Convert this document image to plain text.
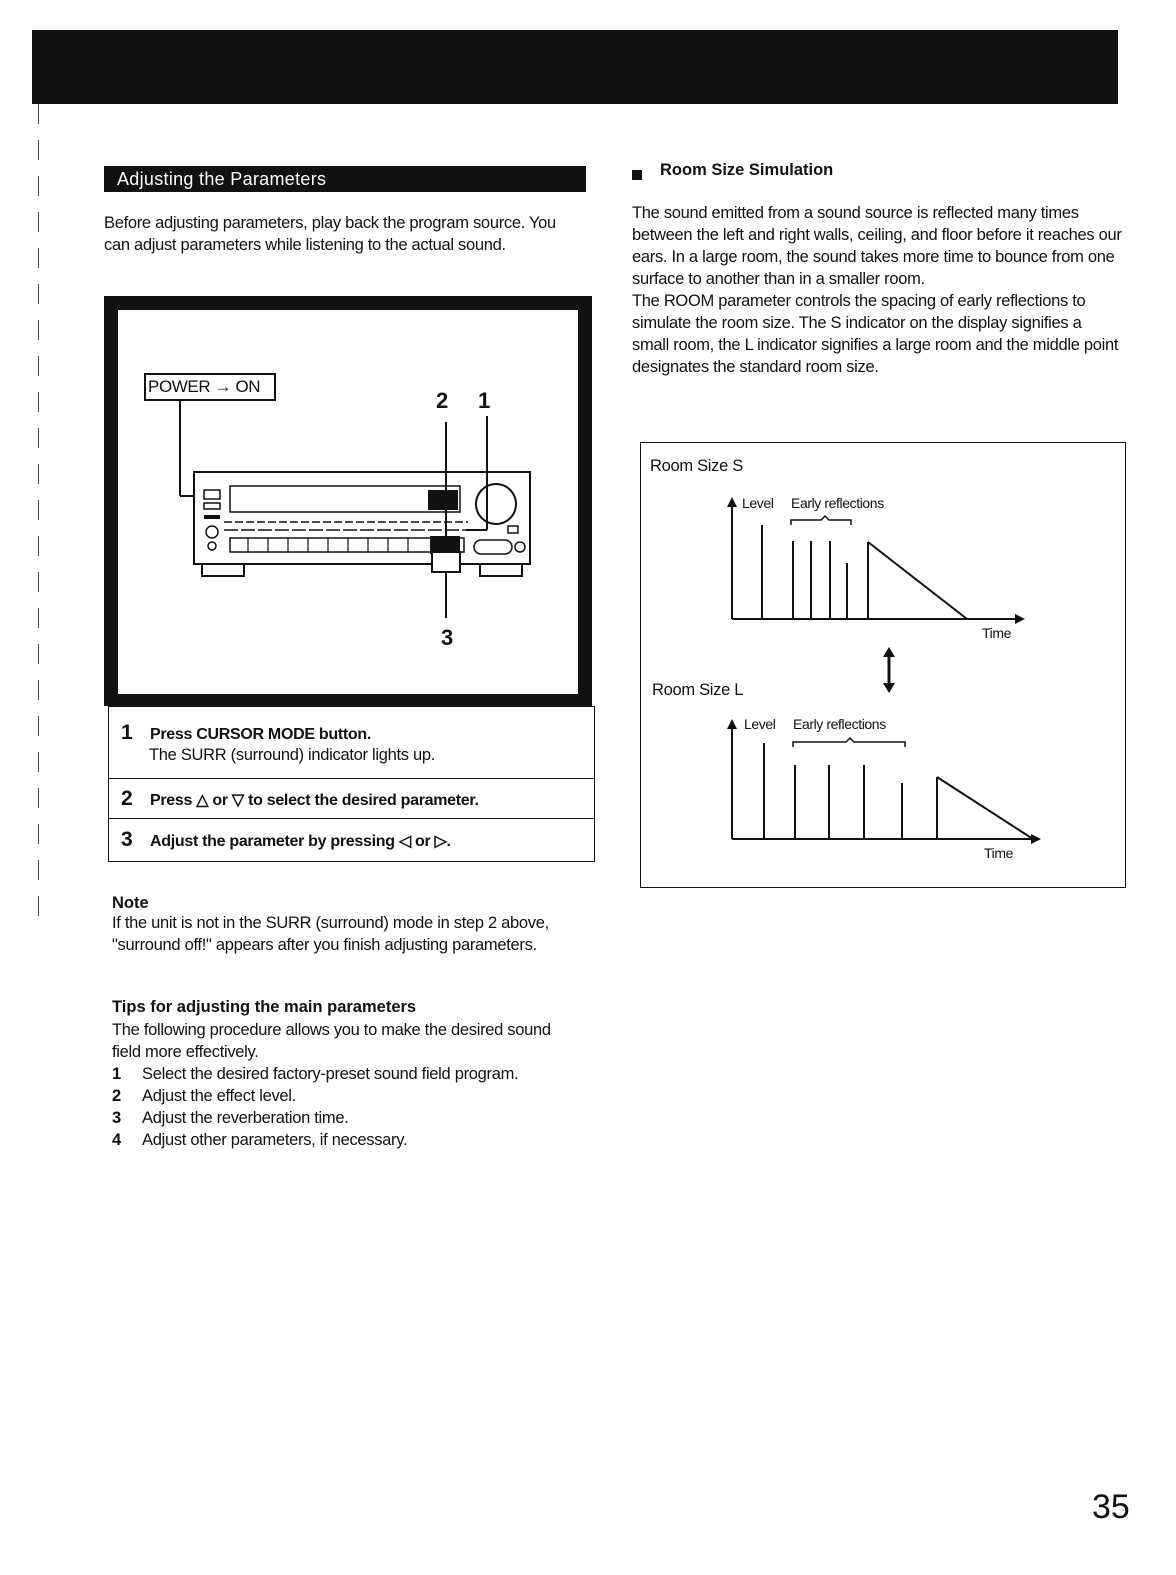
Adjusting the Parameters
Before adjusting parameters, play back the program source. You can adjust parameters while listening to the actual sound.
POWER → ON
2 1
3
1 Press CURSOR MODE button.
The SURR (surround) indicator lights up.
2 Press △ or ▽ to select the desired parameter.
3 Adjust the parameter by pressing ◁ or ▷.
Note
If the unit is not in the SURR (surround) mode in step 2 above, "surround off!" appears after you finish adjusting parameters.
Tips for adjusting the main parameters
The following procedure allows you to make the desired sound field more effectively.
1	Select the desired factory-preset sound field program.
2	Adjust the effect level.
3	Adjust the reverberation time.
4	Adjust other parameters, if necessary.
Room Size Simulation
The sound emitted from a sound source is reflected many times between the left and right walls, ceiling, and floor before it reaches our ears. In a large room, the sound takes more time to bounce from one surface to another than in a smaller room.
The ROOM parameter controls the spacing of early reflections to simulate the room size. The S indicator on the display signifies a small room, the L indicator signifies a large room and the middle point designates the standard room size.
Room Size S
Level Early reflections
Time
Room Size L
Level Early reflections
Time
35
